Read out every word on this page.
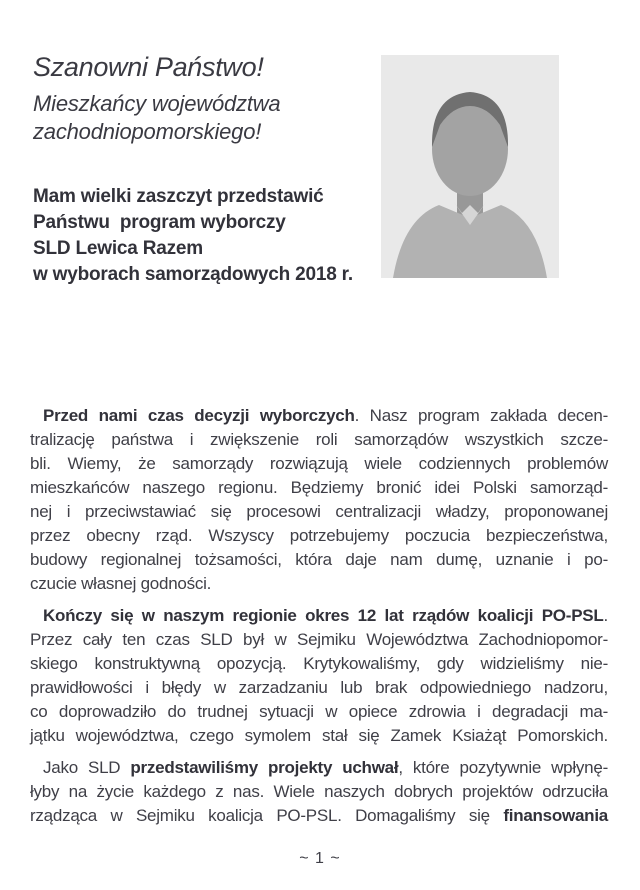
Szanowni Państwo!
Mieszkańcy województwa
zachodniopomorskiego!
Mam wielki zaszczyt przedstawić
Państwu  program wyborczy
SLD Lewica Razem
w wyborach samorządowych 2018 r.

Przed nami czas decyzji wyborczych. Nasz program zakłada decen-
tralizację państwa i zwiększenie roli samorządów wszystkich szcze-
bli. Wiemy, że samorządy rozwiązują wiele codziennych problemów
mieszkańców naszego regionu. Będziemy bronić idei Polski samorząd-
nej i przeciwstawiać się procesowi centralizacji władzy, proponowanej
przez obecny rząd. Wszyscy potrzebujemy poczucia bezpieczeństwa,
budowy regionalnej tożsamości, która daje nam dumę, uznanie i po-
czucie własnej godności.

Kończy się w naszym regionie okres 12 lat rządów koalicji PO-PSL.
Przez cały ten czas SLD był w Sejmiku Województwa Zachodniopomor-
skiego konstruktywną opozycją. Krytykowaliśmy, gdy widzieliśmy nie-
prawidłowości i błędy w zarzadzaniu lub brak odpowiedniego nadzoru,
co doprowadziło do trudnej sytuacji w opiece zdrowia i degradacji ma-
jątku województwa, czego symolem stał się Zamek Ksiażąt Pomorskich.

Jako SLD przedstawiliśmy projekty uchwał, które pozytywnie wpłynę-
łyby na życie każdego z nas. Wiele naszych dobrych projektów odrzuciła
rządząca w Sejmiku koalicja PO-PSL. Domagaliśmy się finansowania

~ 1 ~
